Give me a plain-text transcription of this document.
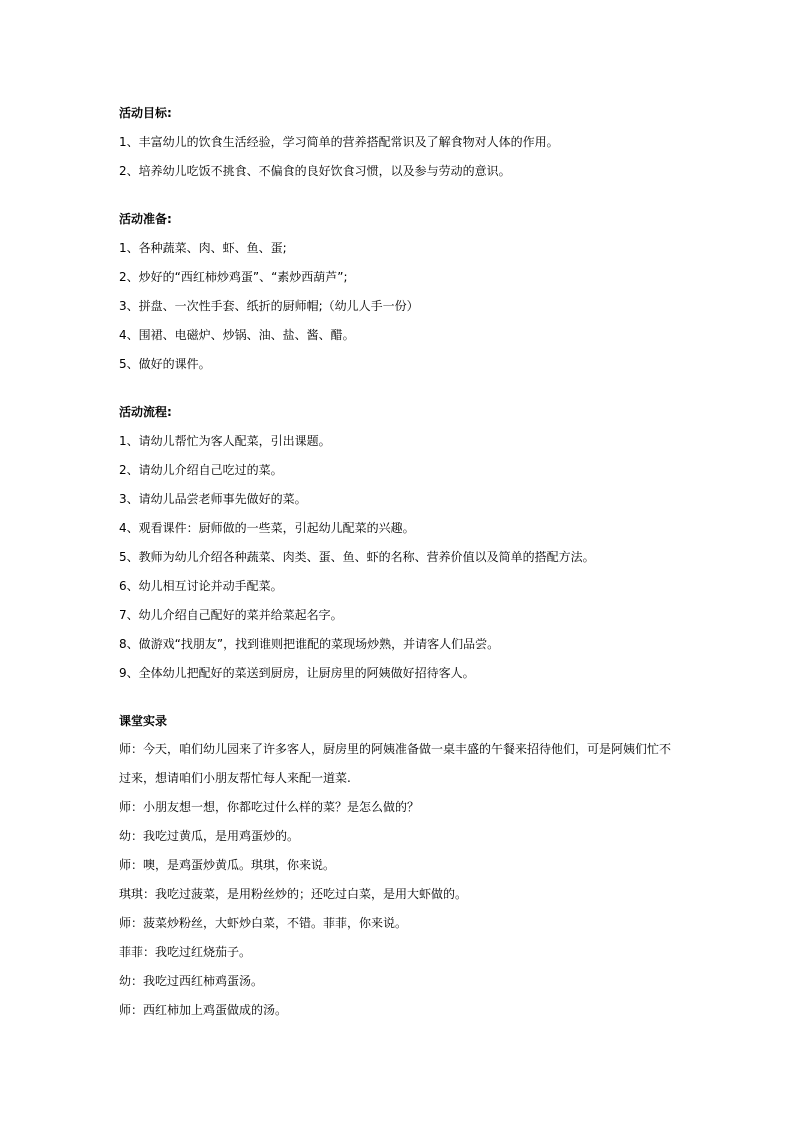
活动目标:

1、丰富幼儿的饮食生活经验，学习简单的营养搭配常识及了解食物对人体的作用。

2、培养幼儿吃饭不挑食、不偏食的良好饮食习惯，以及参与劳动的意识。

活动准备:

1、各种蔬菜、肉、虾、鱼、蛋;

2、炒好的“西红柿炒鸡蛋”、“素炒西葫芦”;

3、拼盘、一次性手套、纸折的厨师帽;（幼儿人手一份）

4、围裙、电磁炉、炒锅、油、盐、酱、醋。

5、做好的课件。

活动流程:

1、请幼儿帮忙为客人配菜，引出课题。

2、请幼儿介绍自己吃过的菜。

3、请幼儿品尝老师事先做好的菜。

4、观看课件：厨师做的一些菜，引起幼儿配菜的兴趣。

5、教师为幼儿介绍各种蔬菜、肉类、蛋、鱼、虾的名称、营养价值以及简单的搭配方法。

6、幼儿相互讨论并动手配菜。

7、幼儿介绍自己配好的菜并给菜起名字。

8、做游戏“找朋友”，找到谁则把谁配的菜现场炒熟，并请客人们品尝。

9、全体幼儿把配好的菜送到厨房，让厨房里的阿姨做好招待客人。

课堂实录

师：今天，咱们幼儿园来了许多客人，厨房里的阿姨准备做一桌丰盛的午餐来招待他们，可是阿姨们忙不过来，想请咱们小朋友帮忙每人来配一道菜.

师：小朋友想一想，你都吃过什么样的菜？是怎么做的？

幼：我吃过黄瓜，是用鸡蛋炒的。

师：噢，是鸡蛋炒黄瓜。琪琪，你来说。

琪琪：我吃过菠菜，是用粉丝炒的；还吃过白菜，是用大虾做的。

师：菠菜炒粉丝，大虾炒白菜，不错。菲菲，你来说。

菲菲：我吃过红烧茄子。

幼：我吃过西红柿鸡蛋汤。

师：西红柿加上鸡蛋做成的汤。
